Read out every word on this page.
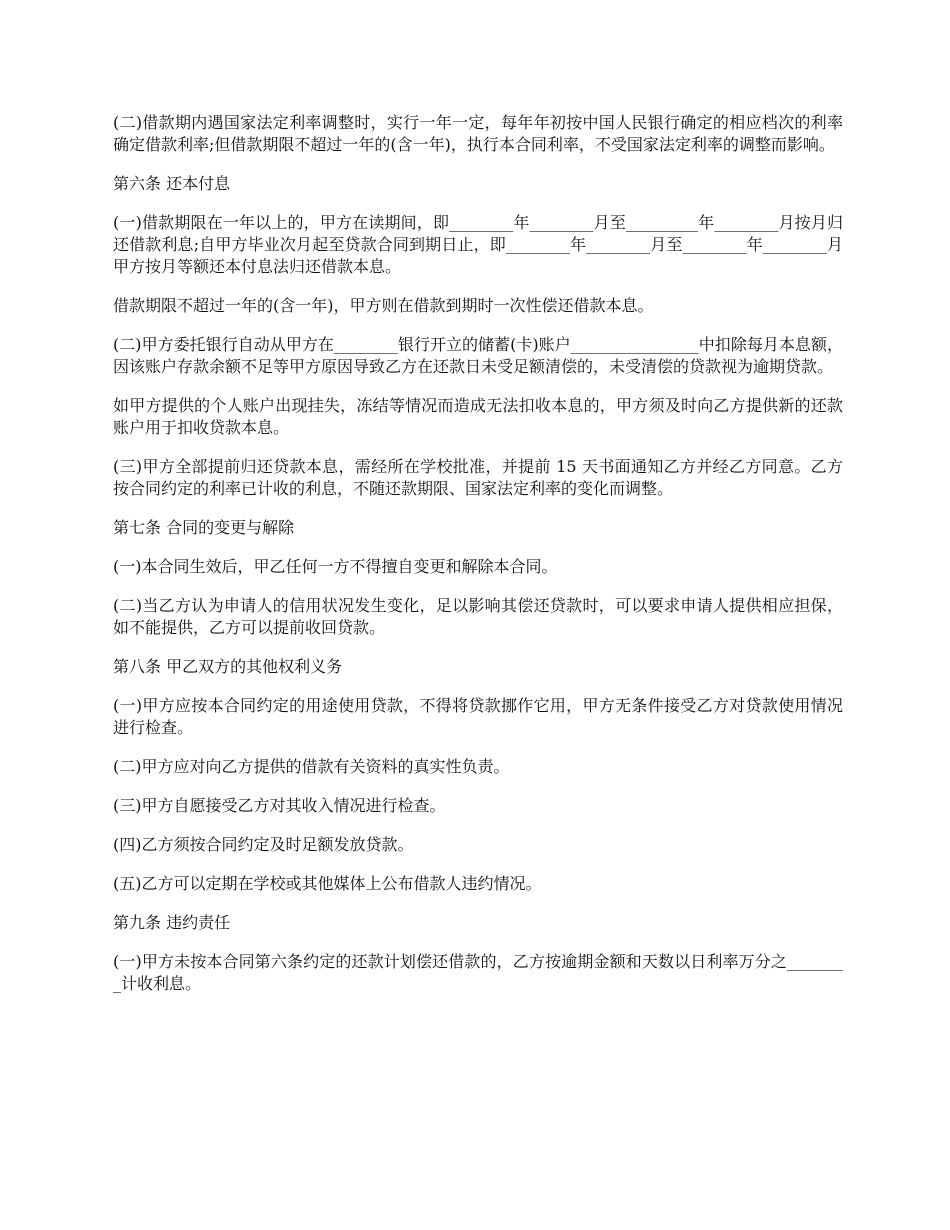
(二)借款期内遇国家法定利率调整时，实行一年一定，每年年初按中国人民银行确定的相应档次的利率确定借款利率;但借款期限不超过一年的(含一年)，执行本合同利率，不受国家法定利率的调整而影响。

第六条 还本付息

(一)借款期限在一年以上的，甲方在读期间，即________年________月至_________年________月按月归还借款利息;自甲方毕业次月起至贷款合同到期日止，即________年________月至________年________月甲方按月等额还本付息法归还借款本息。

借款期限不超过一年的(含一年)，甲方则在借款到期时一次性偿还借款本息。

(二)甲方委托银行自动从甲方在________银行开立的储蓄(卡)账户________________中扣除每月本息额，因该账户存款余额不足等甲方原因导致乙方在还款日未受足额清偿的，未受清偿的贷款视为逾期贷款。

如甲方提供的个人账户出现挂失，冻结等情况而造成无法扣收本息的，甲方须及时向乙方提供新的还款账户用于扣收贷款本息。

(三)甲方全部提前归还贷款本息，需经所在学校批准，并提前 15 天书面通知乙方并经乙方同意。乙方按合同约定的利率已计收的利息，不随还款期限、国家法定利率的变化而调整。

第七条 合同的变更与解除

(一)本合同生效后，甲乙任何一方不得擅自变更和解除本合同。

(二)当乙方认为申请人的信用状况发生变化，足以影响其偿还贷款时，可以要求申请人提供相应担保，如不能提供，乙方可以提前收回贷款。

第八条 甲乙双方的其他权利义务

(一)甲方应按本合同约定的用途使用贷款，不得将贷款挪作它用，甲方无条件接受乙方对贷款使用情况进行检查。

(二)甲方应对向乙方提供的借款有关资料的真实性负责。

(三)甲方自愿接受乙方对其收入情况进行检查。

(四)乙方须按合同约定及时足额发放贷款。

(五)乙方可以定期在学校或其他媒体上公布借款人违约情况。

第九条 违约责任

(一)甲方未按本合同第六条约定的还款计划偿还借款的，乙方按逾期金额和天数以日利率万分之________计收利息。
